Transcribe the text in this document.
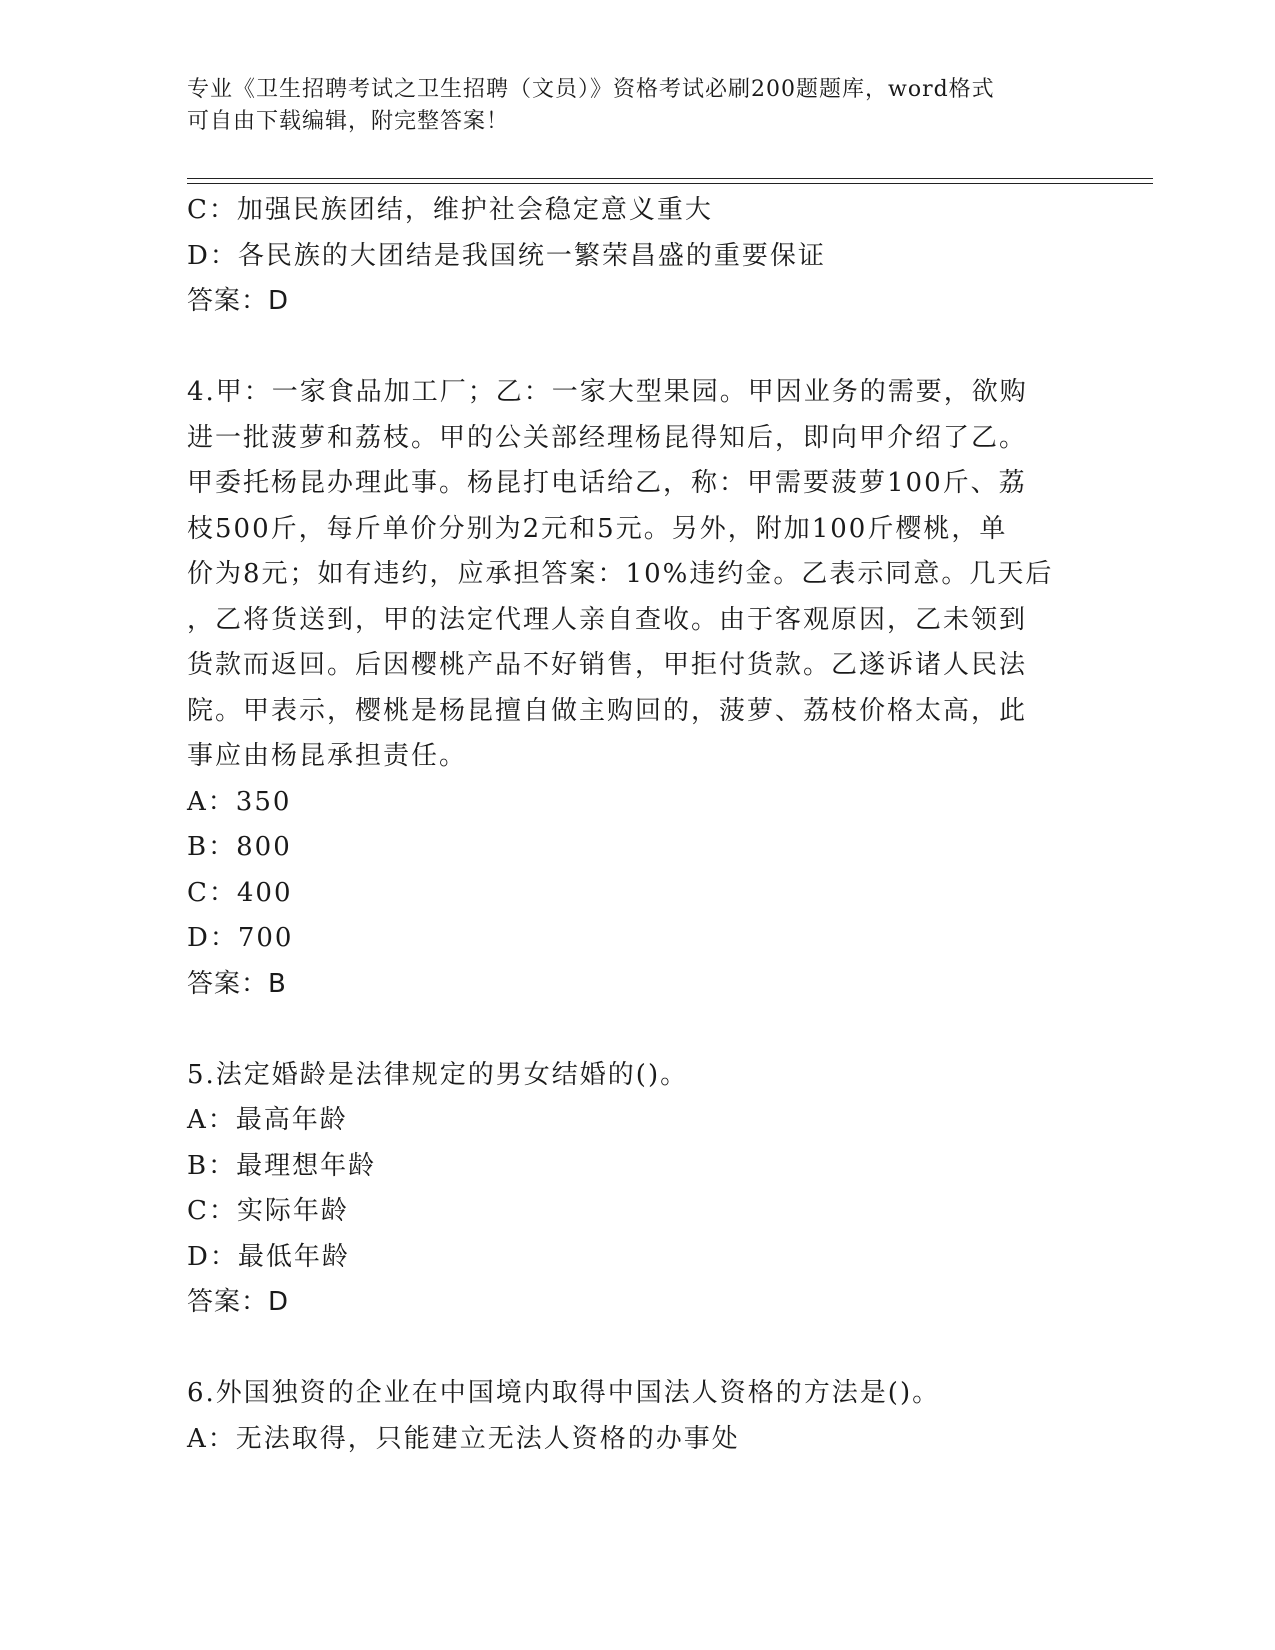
专业《卫生招聘考试之卫生招聘（文员）》资格考试必刷200题题库，word格式
可自由下载编辑，附完整答案！
C：加强民族团结，维护社会稳定意义重大
D：各民族的大团结是我国统一繁荣昌盛的重要保证
答案：D
4.甲：一家食品加工厂；乙：一家大型果园。甲因业务的需要，欲购
进一批菠萝和荔枝。甲的公关部经理杨昆得知后，即向甲介绍了乙。
甲委托杨昆办理此事。杨昆打电话给乙，称：甲需要菠萝100斤、荔
枝500斤，每斤单价分别为2元和5元。另外，附加100斤樱桃，单
价为8元；如有违约，应承担答案：10%违约金。乙表示同意。几天后
，乙将货送到，甲的法定代理人亲自查收。由于客观原因，乙未领到
货款而返回。后因樱桃产品不好销售，甲拒付货款。乙遂诉诸人民法
院。甲表示，樱桃是杨昆擅自做主购回的，菠萝、荔枝价格太高，此
事应由杨昆承担责任。
A：350
B：800
C：400
D：700
答案：B
5.法定婚龄是法律规定的男女结婚的()。
A：最高年龄
B：最理想年龄
C：实际年龄
D：最低年龄
答案：D
6.外国独资的企业在中国境内取得中国法人资格的方法是()。
A：无法取得，只能建立无法人资格的办事处
